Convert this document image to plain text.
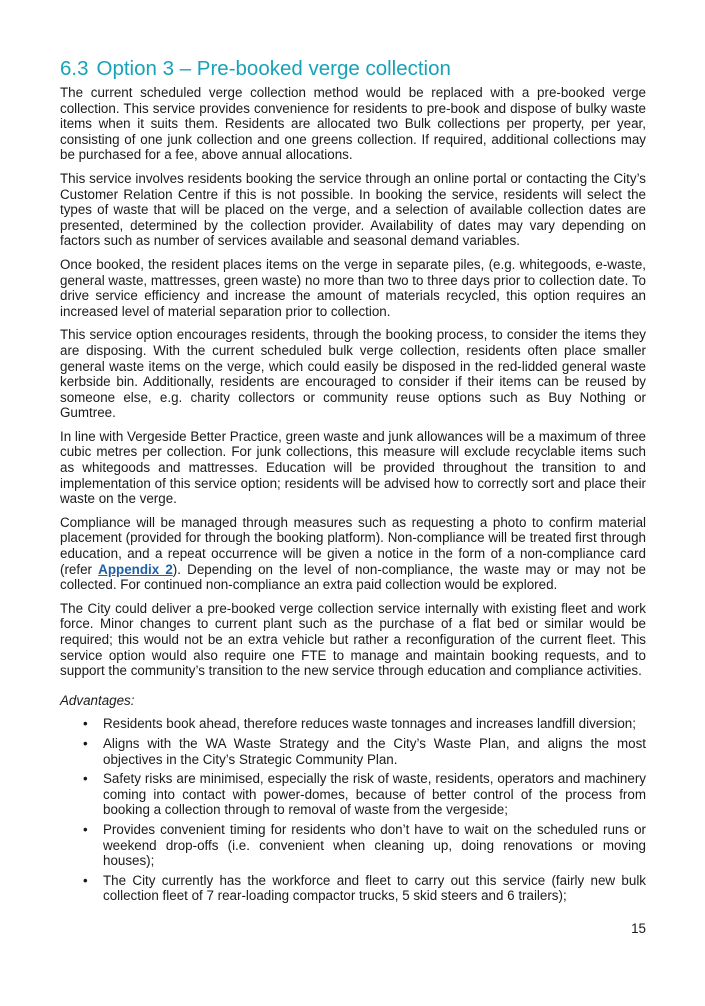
6.3 Option 3 – Pre-booked verge collection

The current scheduled verge collection method would be replaced with a pre-booked verge collection. This service provides convenience for residents to pre-book and dispose of bulky waste items when it suits them. Residents are allocated two Bulk collections per property, per year, consisting of one junk collection and one greens collection. If required, additional collections may be purchased for a fee, above annual allocations.

This service involves residents booking the service through an online portal or contacting the City’s Customer Relation Centre if this is not possible. In booking the service, residents will select the types of waste that will be placed on the verge, and a selection of available collection dates are presented, determined by the collection provider. Availability of dates may vary depending on factors such as number of services available and seasonal demand variables.

Once booked, the resident places items on the verge in separate piles, (e.g. whitegoods, e-waste, general waste, mattresses, green waste) no more than two to three days prior to collection date. To drive service efficiency and increase the amount of materials recycled, this option requires an increased level of material separation prior to collection.

This service option encourages residents, through the booking process, to consider the items they are disposing. With the current scheduled bulk verge collection, residents often place smaller general waste items on the verge, which could easily be disposed in the red-lidded general waste kerbside bin. Additionally, residents are encouraged to consider if their items can be reused by someone else, e.g. charity collectors or community reuse options such as Buy Nothing or Gumtree.

In line with Vergeside Better Practice, green waste and junk allowances will be a maximum of three cubic metres per collection. For junk collections, this measure will exclude recyclable items such as whitegoods and mattresses. Education will be provided throughout the transition to and implementation of this service option; residents will be advised how to correctly sort and place their waste on the verge.

Compliance will be managed through measures such as requesting a photo to confirm material placement (provided for through the booking platform). Non-compliance will be treated first through education, and a repeat occurrence will be given a notice in the form of a non-compliance card (refer Appendix 2). Depending on the level of non-compliance, the waste may or may not be collected. For continued non-compliance an extra paid collection would be explored.

The City could deliver a pre-booked verge collection service internally with existing fleet and work force. Minor changes to current plant such as the purchase of a flat bed or similar would be required; this would not be an extra vehicle but rather a reconfiguration of the current fleet. This service option would also require one FTE to manage and maintain booking requests, and to support the community’s transition to the new service through education and compliance activities.

Advantages:
• Residents book ahead, therefore reduces waste tonnages and increases landfill diversion;
• Aligns with the WA Waste Strategy and the City’s Waste Plan, and aligns the most objectives in the City’s Strategic Community Plan.
• Safety risks are minimised, especially the risk of waste, residents, operators and machinery coming into contact with power-domes, because of better control of the process from booking a collection through to removal of waste from the vergeside;
• Provides convenient timing for residents who don’t have to wait on the scheduled runs or weekend drop-offs (i.e. convenient when cleaning up, doing renovations or moving houses);
• The City currently has the workforce and fleet to carry out this service (fairly new bulk collection fleet of 7 rear-loading compactor trucks, 5 skid steers and 6 trailers);
15
